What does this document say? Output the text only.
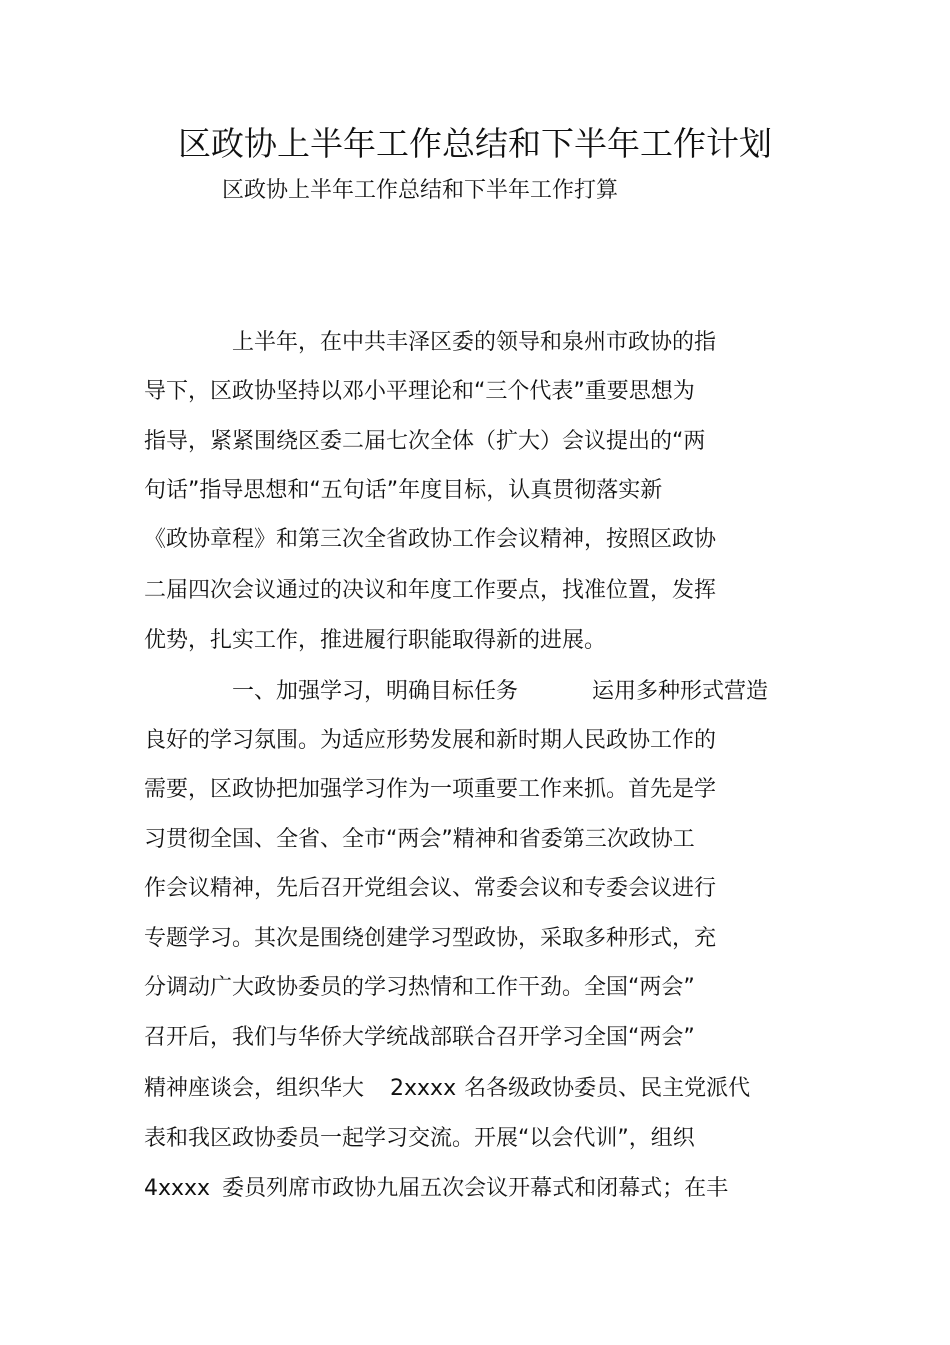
区政协上半年工作总结和下半年工作计划
区政协上半年工作总结和下半年工作打算
上半年，在中共丰泽区委的领导和泉州市政协的指
导下，区政协坚持以邓小平理论和“三个代表”重要思想为
指导，紧紧围绕区委二届七次全体（扩大）会议提出的“两
句话”指导思想和“五句话”年度目标，认真贯彻落实新
《政协章程》和第三次全省政协工作会议精神，按照区政协
二届四次会议通过的决议和年度工作要点，找准位置，发挥
优势，扎实工作，推进履行职能取得新的进展。
一、加强学习，明确目标任务	运用多种形式营造
良好的学习氛围。为适应形势发展和新时期人民政协工作的
需要，区政协把加强学习作为一项重要工作来抓。首先是学
习贯彻全国、全省、全市“两会”精神和省委第三次政协工
作会议精神，先后召开党组会议、常委会议和专委会议进行
专题学习。其次是围绕创建学习型政协，采取多种形式，充
分调动广大政协委员的学习热情和工作干劲。全国“两会”
召开后，我们与华侨大学统战部联合召开学习全国“两会”
精神座谈会，组织华大 2xxxx 名各级政协委员、民主党派代
表和我区政协委员一起学习交流。开展“以会代训”，组织
4xxxx 委员列席市政协九届五次会议开幕式和闭幕式；在丰
